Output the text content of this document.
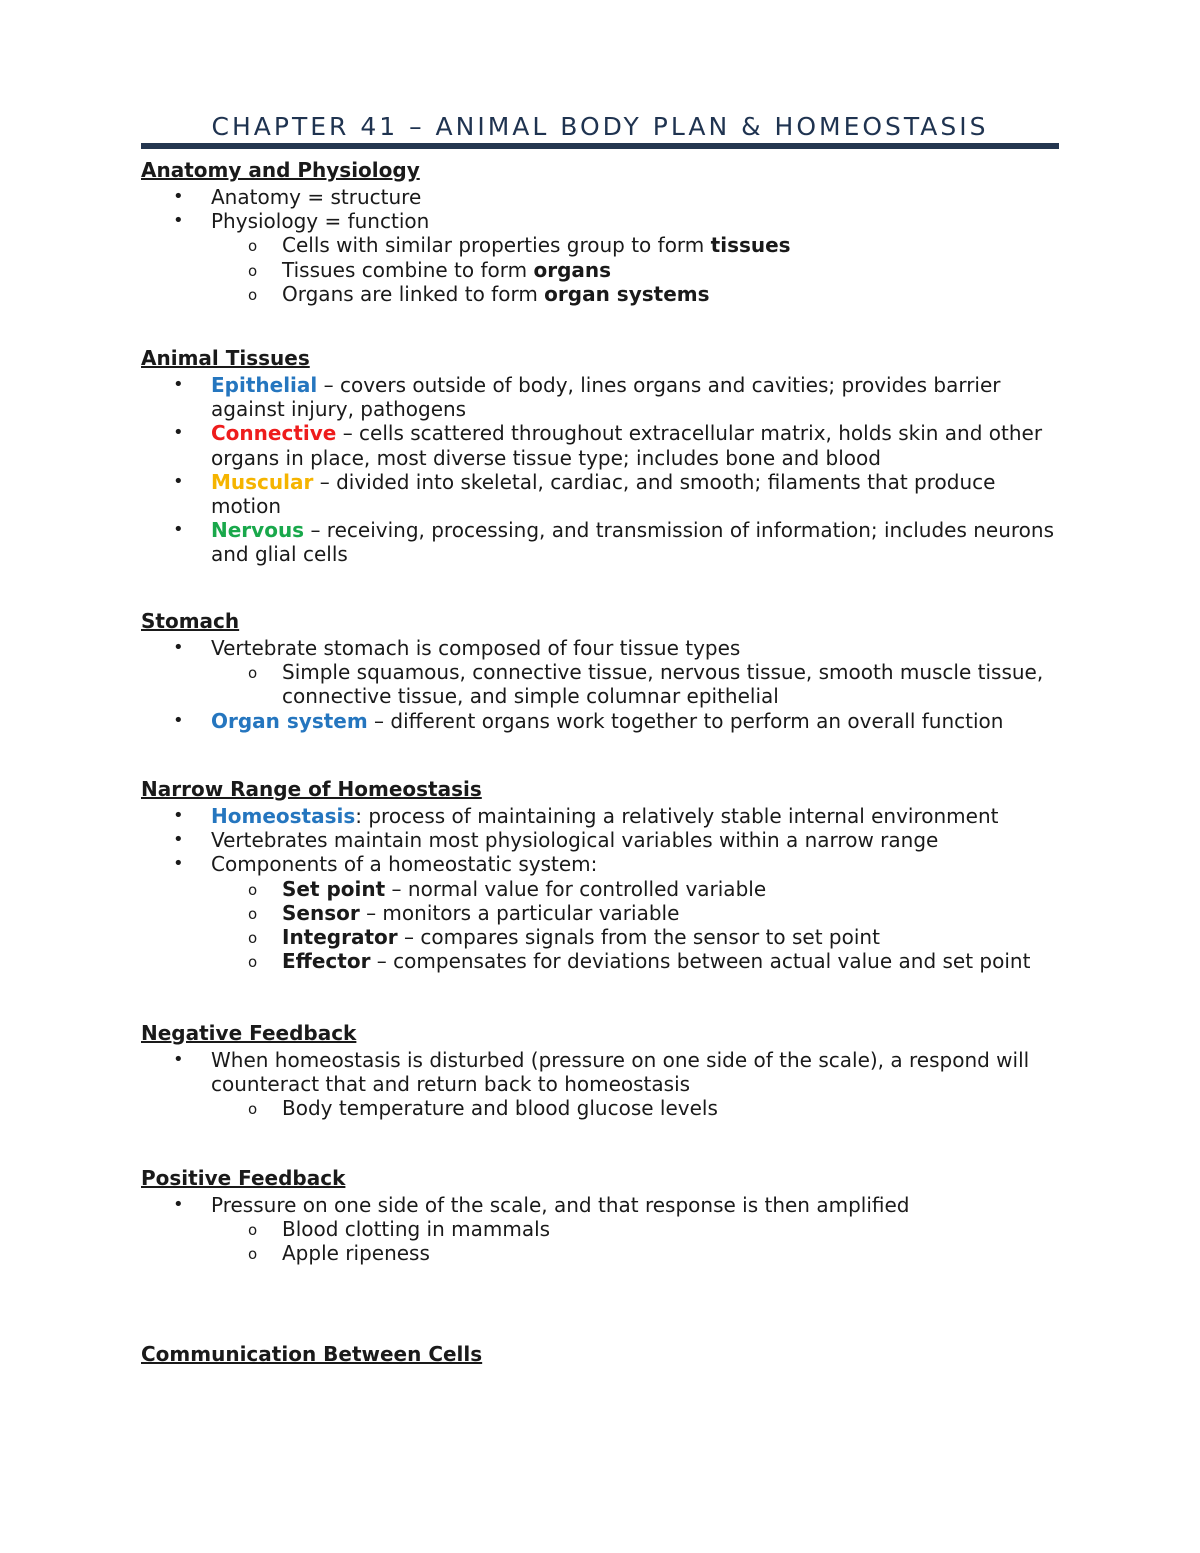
CHAPTER 41 – ANIMAL BODY PLAN & HOMEOSTASIS
Anatomy and Physiology
• Anatomy = structure
• Physiology = function
o Cells with similar properties group to form tissues
o Tissues combine to form organs
o Organs are linked to form organ systems
Animal Tissues
• Epithelial – covers outside of body, lines organs and cavities; provides barrier against injury, pathogens
• Connective – cells scattered throughout extracellular matrix, holds skin and other organs in place, most diverse tissue type; includes bone and blood
• Muscular – divided into skeletal, cardiac, and smooth; filaments that produce motion
• Nervous – receiving, processing, and transmission of information; includes neurons and glial cells
Stomach
• Vertebrate stomach is composed of four tissue types
o Simple squamous, connective tissue, nervous tissue, smooth muscle tissue, connective tissue, and simple columnar epithelial
• Organ system – different organs work together to perform an overall function
Narrow Range of Homeostasis
• Homeostasis: process of maintaining a relatively stable internal environment
• Vertebrates maintain most physiological variables within a narrow range
• Components of a homeostatic system:
o Set point – normal value for controlled variable
o Sensor – monitors a particular variable
o Integrator – compares signals from the sensor to set point
o Effector – compensates for deviations between actual value and set point
Negative Feedback
• When homeostasis is disturbed (pressure on one side of the scale), a respond will counteract that and return back to homeostasis
o Body temperature and blood glucose levels
Positive Feedback
• Pressure on one side of the scale, and that response is then amplified
o Blood clotting in mammals
o Apple ripeness
Communication Between Cells
